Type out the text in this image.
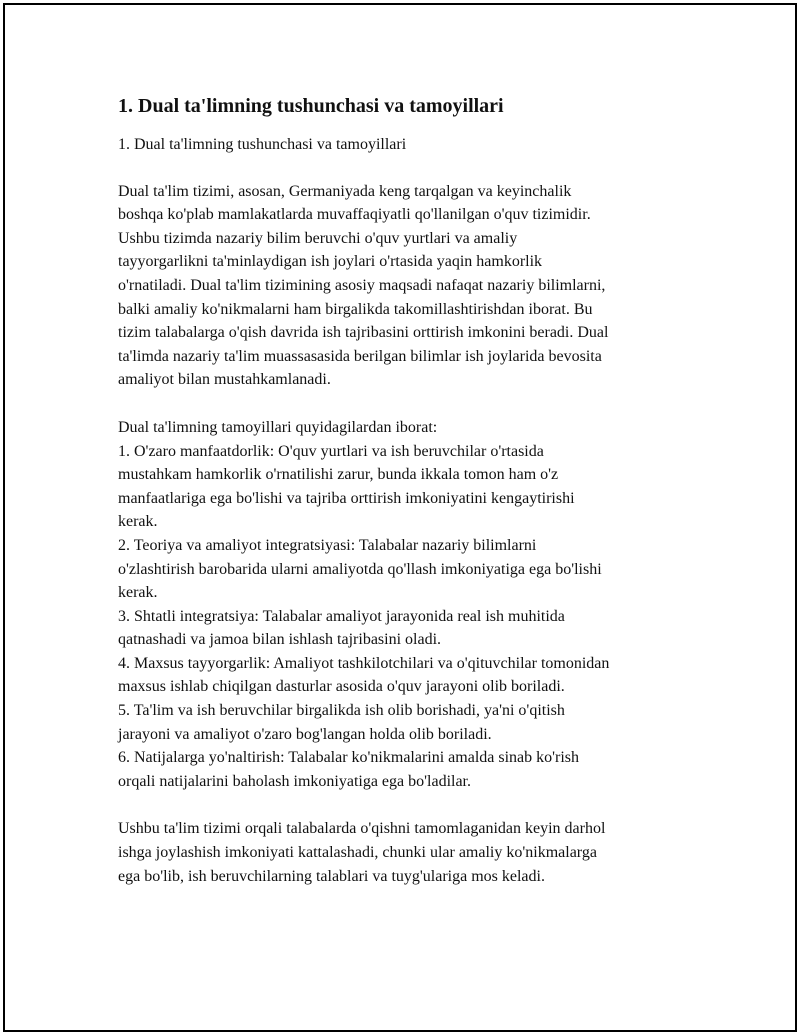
1. Dual ta'limning tushunchasi va tamoyillari

1. Dual ta'limning tushunchasi va tamoyillari

Dual ta'lim tizimi, asosan, Germaniyada keng tarqalgan va keyinchalik
boshqa ko'plab mamlakatlarda muvaffaqiyatli qo'llanilgan o'quv tizimidir.
Ushbu tizimda nazariy bilim beruvchi o'quv yurtlari va amaliy
tayyorgarlikni ta'minlaydigan ish joylari o'rtasida yaqin hamkorlik
o'rnatiladi. Dual ta'lim tizimining asosiy maqsadi nafaqat nazariy bilimlarni,
balki amaliy ko'nikmalarni ham birgalikda takomillashtirishdan iborat. Bu
tizim talabalarga o'qish davrida ish tajribasini orttirish imkonini beradi. Dual
ta'limda nazariy ta'lim muassasasida berilgan bilimlar ish joylarida bevosita
amaliyot bilan mustahkamlanadi.

Dual ta'limning tamoyillari quyidagilardan iborat:
1. O'zaro manfaatdorlik: O'quv yurtlari va ish beruvchilar o'rtasida
mustahkam hamkorlik o'rnatilishi zarur, bunda ikkala tomon ham o'z
manfaatlariga ega bo'lishi va tajriba orttirish imkoniyatini kengaytirishi
kerak.
2. Teoriya va amaliyot integratsiyasi: Talabalar nazariy bilimlarni
o'zlashtirish barobarida ularni amaliyotda qo'llash imkoniyatiga ega bo'lishi
kerak.
3. Shtatli integratsiya: Talabalar amaliyot jarayonida real ish muhitida
qatnashadi va jamoa bilan ishlash tajribasini oladi.
4. Maxsus tayyorgarlik: Amaliyot tashkilotchilari va o'qituvchilar tomonidan
maxsus ishlab chiqilgan dasturlar asosida o'quv jarayoni olib boriladi.
5. Ta'lim va ish beruvchilar birgalikda ish olib borishadi, ya'ni o'qitish
jarayoni va amaliyot o'zaro bog'langan holda olib boriladi.
6. Natijalarga yo'naltirish: Talabalar ko'nikmalarini amalda sinab ko'rish
orqali natijalarini baholash imkoniyatiga ega bo'ladilar.

Ushbu ta'lim tizimi orqali talabalarda o'qishni tamomlaganidan keyin darhol
ishga joylashish imkoniyati kattalashadi, chunki ular amaliy ko'nikmalarga
ega bo'lib, ish beruvchilarning talablari va tuyg'ulariga mos keladi.
